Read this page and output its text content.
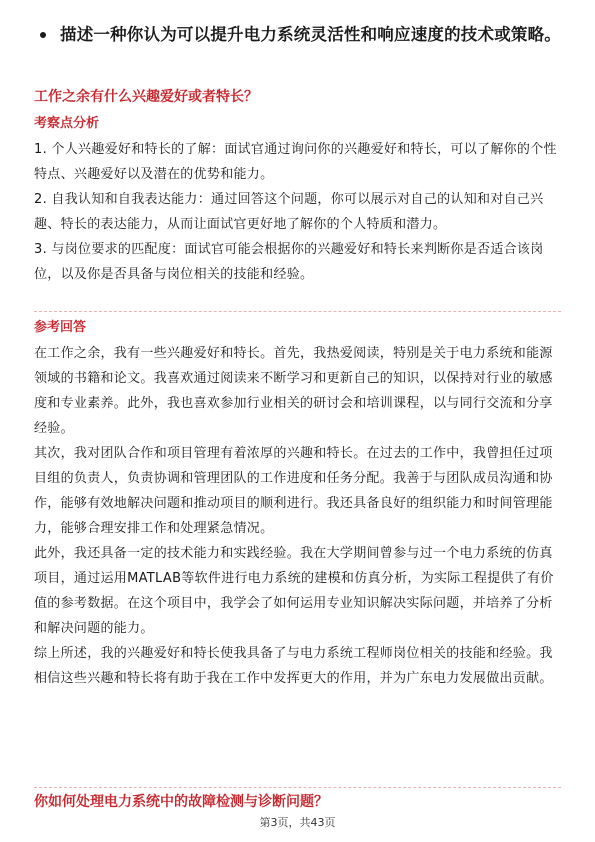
描述一种你认为可以提升电力系统灵活性和响应速度的技术或策略。
工作之余有什么兴趣爱好或者特长？
考察点分析

1. 个人兴趣爱好和特长的了解：面试官通过询问你的兴趣爱好和特长，可以了解你的个性特点、兴趣爱好以及潜在的优势和能力。

2. 自我认知和自我表达能力：通过回答这个问题，你可以展示对自己的认知和对自己兴趣、特长的表达能力，从而让面试官更好地了解你的个人特质和潜力。

3. 与岗位要求的匹配度：面试官可能会根据你的兴趣爱好和特长来判断你是否适合该岗位，以及你是否具备与岗位相关的技能和经验。

参考回答

在工作之余，我有一些兴趣爱好和特长。首先，我热爱阅读，特别是关于电力系统和能源领域的书籍和论文。我喜欢通过阅读来不断学习和更新自己的知识，以保持对行业的敏感度和专业素养。此外，我也喜欢参加行业相关的研讨会和培训课程，以与同行交流和分享经验。

其次，我对团队合作和项目管理有着浓厚的兴趣和特长。在过去的工作中，我曾担任过项目组的负责人，负责协调和管理团队的工作进度和任务分配。我善于与团队成员沟通和协作，能够有效地解决问题和推动项目的顺利进行。我还具备良好的组织能力和时间管理能力，能够合理安排工作和处理紧急情况。

此外，我还具备一定的技术能力和实践经验。我在大学期间曾参与过一个电力系统的仿真项目，通过运用MATLAB等软件进行电力系统的建模和仿真分析，为实际工程提供了有价值的参考数据。在这个项目中，我学会了如何运用专业知识解决实际问题，并培养了分析和解决问题的能力。

综上所述，我的兴趣爱好和特长使我具备了与电力系统工程师岗位相关的技能和经验。我相信这些兴趣和特长将有助于我在工作中发挥更大的作用，并为广东电力发展做出贡献。

你如何处理电力系统中的故障检测与诊断问题？
第3页，共43页
